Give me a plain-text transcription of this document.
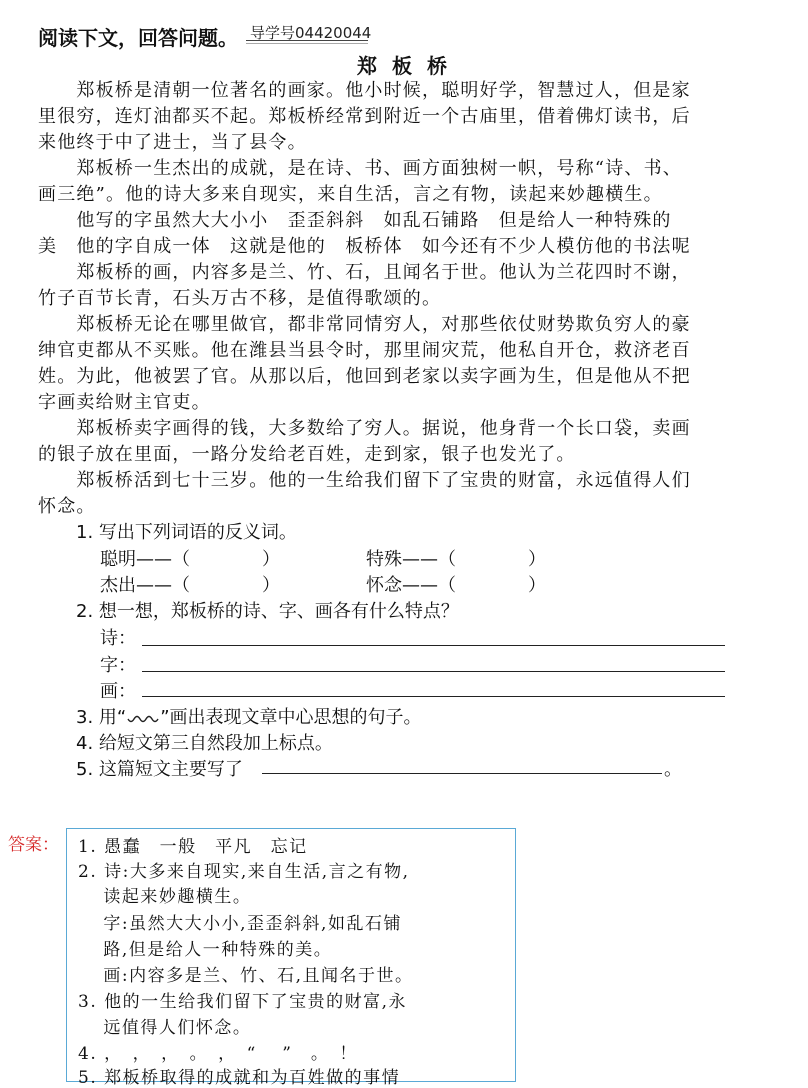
阅读下文，回答问题。 导学号04420044
郑 板 桥
　　郑板桥是清朝一位著名的画家。他小时候，聪明好学，智慧过人，但是家
里很穷，连灯油都买不起。郑板桥经常到附近一个古庙里，借着佛灯读书，后
来他终于中了进士，当了县令。
　　郑板桥一生杰出的成就，是在诗、书、画方面独树一帜，号称“诗、书、
画三绝”。他的诗大多来自现实，来自生活，言之有物，读起来妙趣横生。
　　他写的字虽然大大小小　歪歪斜斜　如乱石铺路　但是给人一种特殊的
美　他的字自成一体　这就是他的　板桥体　如今还有不少人模仿他的书法呢
　　郑板桥的画，内容多是兰、竹、石，且闻名于世。他认为兰花四时不谢，
竹子百节长青，石头万古不移，是值得歌颂的。
　　郑板桥无论在哪里做官，都非常同情穷人，对那些依仗财势欺负穷人的豪
绅官吏都从不买账。他在潍县当县令时，那里闹灾荒，他私自开仓，救济老百
姓。为此，他被罢了官。从那以后，他回到老家以卖字画为生，但是他从不把
字画卖给财主官吏。
　　郑板桥卖字画得的钱，大多数给了穷人。据说，他身背一个长口袋，卖画
的银子放在里面，一路分发给老百姓，走到家，银子也发光了。
　　郑板桥活到七十三岁。他的一生给我们留下了宝贵的财富，永远值得人们
怀念。
1. 写出下列词语的反义词。
聪明——（　　　　）	特殊——（　　　　）
杰出——（　　　　）	怀念——（　　　　）
2. 想一想，郑板桥的诗、字、画各有什么特点？
诗：
字：
画：
3. 用“ ”画出表现文章中心思想的句子。
4. 给短文第三自然段加上标点。
5. 这篇短文主要写了	。
答案： 1. 愚蠢　一般　平凡　忘记
2. 诗:大多来自现实,来自生活,言之有物,
　 读起来妙趣横生。
　 字:虽然大大小小,歪歪斜斜,如乱石铺
　 路,但是给人一种特殊的美。
　 画:内容多是兰、竹、石,且闻名于世。
3. 他的一生给我们留下了宝贵的财富,永
　 远值得人们怀念。
4. ，　，　，　。　，　“　 ”　。　！
5. 郑板桥取得的成就和为百姓做的事情
